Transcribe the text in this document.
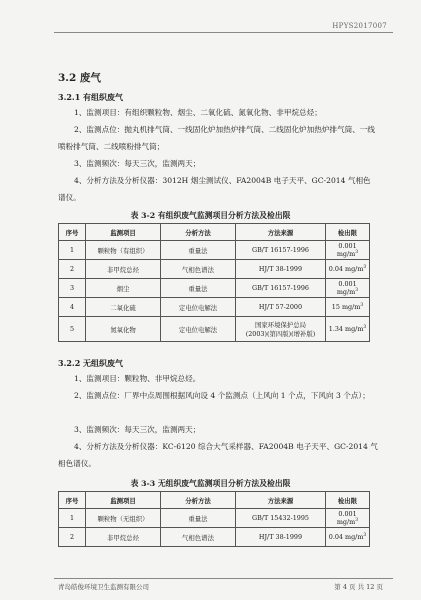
HPYS2017007
3.2 废气
3.2.1 有组织废气
1、监测项目：有组织颗粒物、烟尘、二氧化硫、氮氧化物、非甲烷总烃；
2、监测点位：抛丸机排气筒、一线固化炉加热炉排气筒、二线固化炉加热炉排气筒、一线喷粉排气筒、二线喷粉排气筒；
3、监测频次：每天三次，监测两天；
4、分析方法及分析仪器：3012H 烟尘测试仪、FA2004B 电子天平、GC-2014 气相色谱仪。
表 3-2 有组织废气监测项目分析方法及检出限
序号	监测项目	分析方法	方法来源	检出限
1	颗粒物（有组织）	重量法	GB/T 16157-1996	0.001 $mg/m^3$
2	非甲烷总烃	气相色谱法	HJ/T 38-1999	0.04 $mg/m^3$
3	烟尘	重量法	GB/T 16157-1996	0.001 $mg/m^3$
4	二氧化硫	定电位电解法	HJ/T 57-2000	15 $mg/m^3$
5	氮氧化物	定电位电解法	国家环境保护总局
(2003)(第四版)(增补版)	1.34 $mg/m^3$
3.2.2 无组织废气
1、监测项目：颗粒物、非甲烷总烃。
2、监测点位：厂界中点周围根据风向设 4 个监测点（上风向 1 个点，下风向 3 个点）；
3、监测频次：每天三次，监测两天；
4、分析方法及分析仪器：KC-6120 综合大气采样器、FA2004B 电子天平、GC-2014 气相色谱仪。
表 3-3 无组织废气监测项目分析方法及检出限
序号	监测项目	分析方法	方法来源	检出限
1	颗粒物（无组织）	重量法	GB/T 15432-1995	0.001 $mg/m^3$
2	非甲烷总烃	气相色谱法	HJ/T 38-1999	0.04 $mg/m^3$
青岛皓俊环境卫生监测有限公司	第 4 页 共 12 页
